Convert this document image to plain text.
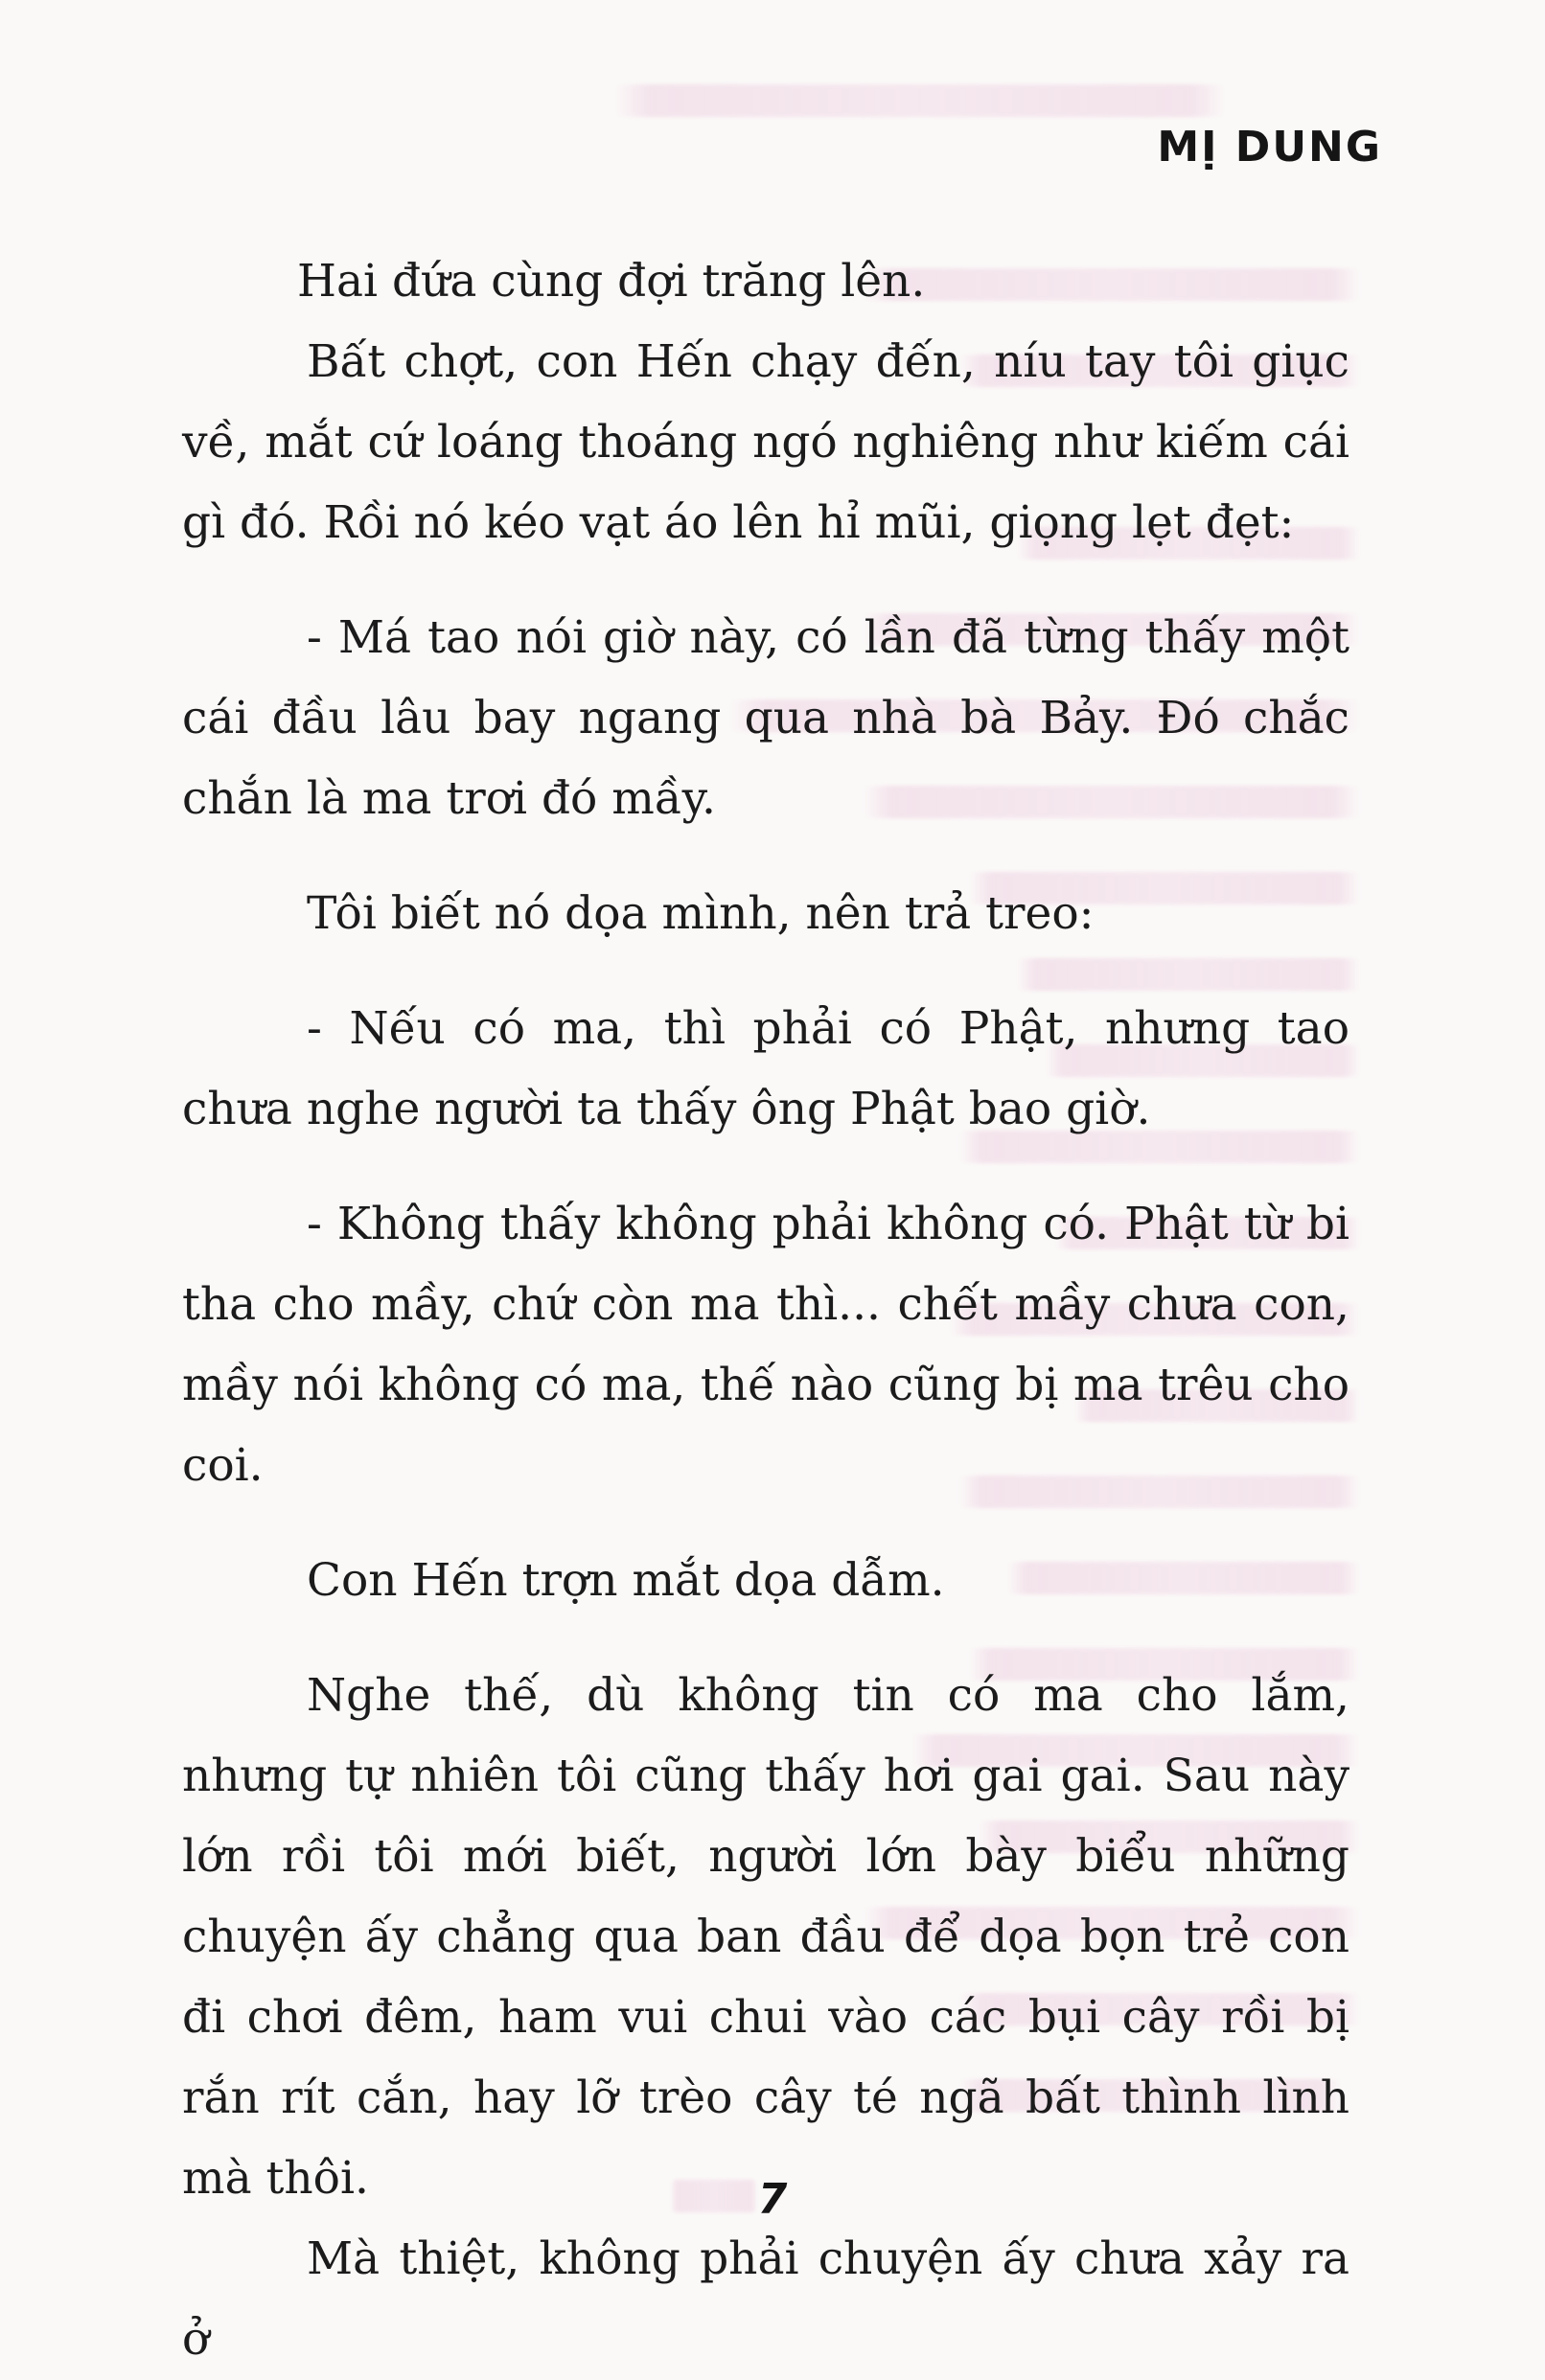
MỊ DUNG

Hai đứa cùng đợi trăng lên.

Bất chợt, con Hến chạy đến, níu tay tôi giục về, mắt cứ loáng thoáng ngó nghiêng như kiếm cái gì đó. Rồi nó kéo vạt áo lên hỉ mũi, giọng lẹt đẹt:

- Má tao nói giờ này, có lần đã từng thấy một cái đầu lâu bay ngang qua nhà bà Bảy. Đó chắc chắn là ma trơi đó mầy.

Tôi biết nó dọa mình, nên trả treo:

- Nếu có ma, thì phải có Phật, nhưng tao chưa nghe người ta thấy ông Phật bao giờ.

- Không thấy không phải không có. Phật từ bi tha cho mầy, chứ còn ma thì... chết mầy chưa con, mầy nói không có ma, thế nào cũng bị ma trêu cho coi.

Con Hến trợn mắt dọa dẫm.

Nghe thế, dù không tin có ma cho lắm, nhưng tự nhiên tôi cũng thấy hơi gai gai. Sau này lớn rồi tôi mới biết, người lớn bày biểu những chuyện ấy chẳng qua ban đầu để dọa bọn trẻ con đi chơi đêm, ham vui chui vào các bụi cây rồi bị rắn rít cắn, hay lỡ trèo cây té ngã bất thình lình mà thôi.

Mà thiệt, không phải chuyện ấy chưa xảy ra ở

7
